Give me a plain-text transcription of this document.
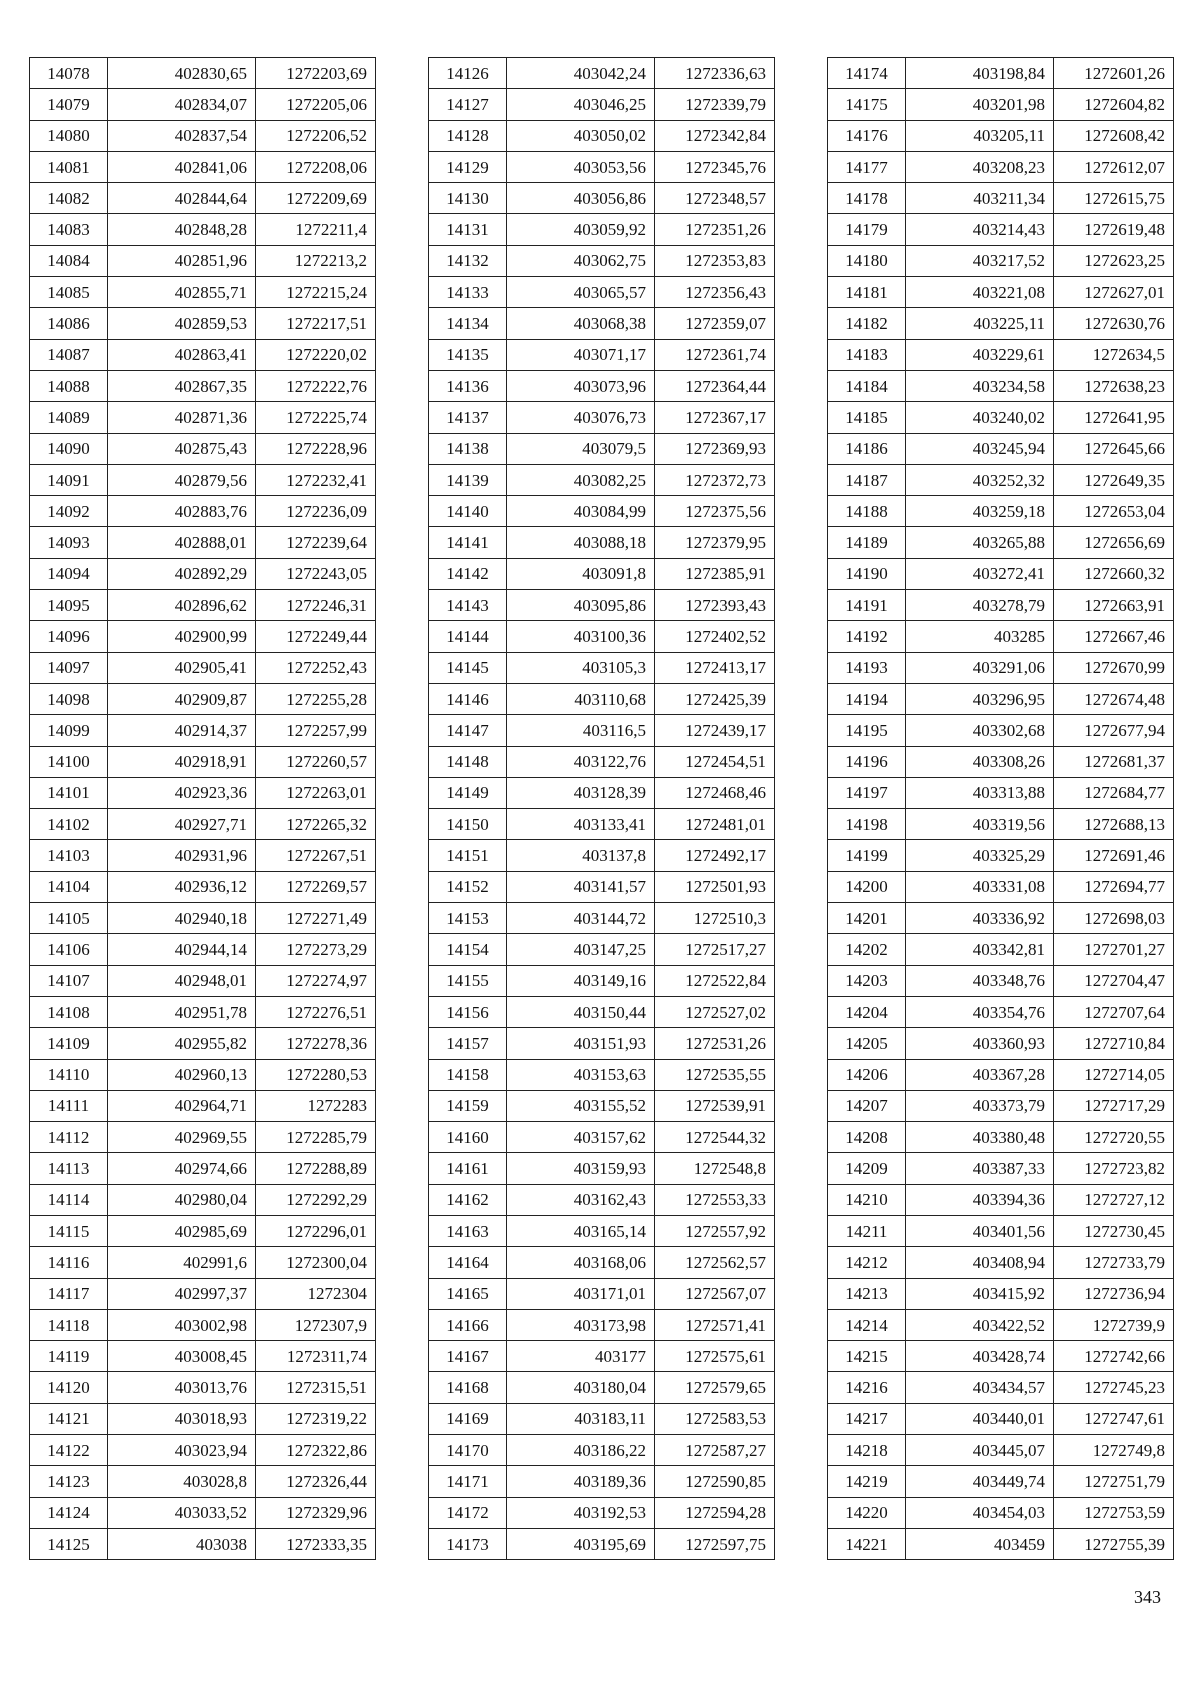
14078	402830,65	1272203,69
14079	402834,07	1272205,06
14080	402837,54	1272206,52
14081	402841,06	1272208,06
14082	402844,64	1272209,69
14083	402848,28	1272211,4
14084	402851,96	1272213,2
14085	402855,71	1272215,24
14086	402859,53	1272217,51
14087	402863,41	1272220,02
14088	402867,35	1272222,76
14089	402871,36	1272225,74
14090	402875,43	1272228,96
14091	402879,56	1272232,41
14092	402883,76	1272236,09
14093	402888,01	1272239,64
14094	402892,29	1272243,05
14095	402896,62	1272246,31
14096	402900,99	1272249,44
14097	402905,41	1272252,43
14098	402909,87	1272255,28
14099	402914,37	1272257,99
14100	402918,91	1272260,57
14101	402923,36	1272263,01
14102	402927,71	1272265,32
14103	402931,96	1272267,51
14104	402936,12	1272269,57
14105	402940,18	1272271,49
14106	402944,14	1272273,29
14107	402948,01	1272274,97
14108	402951,78	1272276,51
14109	402955,82	1272278,36
14110	402960,13	1272280,53
14111	402964,71	1272283
14112	402969,55	1272285,79
14113	402974,66	1272288,89
14114	402980,04	1272292,29
14115	402985,69	1272296,01
14116	402991,6	1272300,04
14117	402997,37	1272304
14118	403002,98	1272307,9
14119	403008,45	1272311,74
14120	403013,76	1272315,51
14121	403018,93	1272319,22
14122	403023,94	1272322,86
14123	403028,8	1272326,44
14124	403033,52	1272329,96
14125	403038	1272333,35
14126	403042,24	1272336,63
14127	403046,25	1272339,79
14128	403050,02	1272342,84
14129	403053,56	1272345,76
14130	403056,86	1272348,57
14131	403059,92	1272351,26
14132	403062,75	1272353,83
14133	403065,57	1272356,43
14134	403068,38	1272359,07
14135	403071,17	1272361,74
14136	403073,96	1272364,44
14137	403076,73	1272367,17
14138	403079,5	1272369,93
14139	403082,25	1272372,73
14140	403084,99	1272375,56
14141	403088,18	1272379,95
14142	403091,8	1272385,91
14143	403095,86	1272393,43
14144	403100,36	1272402,52
14145	403105,3	1272413,17
14146	403110,68	1272425,39
14147	403116,5	1272439,17
14148	403122,76	1272454,51
14149	403128,39	1272468,46
14150	403133,41	1272481,01
14151	403137,8	1272492,17
14152	403141,57	1272501,93
14153	403144,72	1272510,3
14154	403147,25	1272517,27
14155	403149,16	1272522,84
14156	403150,44	1272527,02
14157	403151,93	1272531,26
14158	403153,63	1272535,55
14159	403155,52	1272539,91
14160	403157,62	1272544,32
14161	403159,93	1272548,8
14162	403162,43	1272553,33
14163	403165,14	1272557,92
14164	403168,06	1272562,57
14165	403171,01	1272567,07
14166	403173,98	1272571,41
14167	403177	1272575,61
14168	403180,04	1272579,65
14169	403183,11	1272583,53
14170	403186,22	1272587,27
14171	403189,36	1272590,85
14172	403192,53	1272594,28
14173	403195,69	1272597,75
14174	403198,84	1272601,26
14175	403201,98	1272604,82
14176	403205,11	1272608,42
14177	403208,23	1272612,07
14178	403211,34	1272615,75
14179	403214,43	1272619,48
14180	403217,52	1272623,25
14181	403221,08	1272627,01
14182	403225,11	1272630,76
14183	403229,61	1272634,5
14184	403234,58	1272638,23
14185	403240,02	1272641,95
14186	403245,94	1272645,66
14187	403252,32	1272649,35
14188	403259,18	1272653,04
14189	403265,88	1272656,69
14190	403272,41	1272660,32
14191	403278,79	1272663,91
14192	403285	1272667,46
14193	403291,06	1272670,99
14194	403296,95	1272674,48
14195	403302,68	1272677,94
14196	403308,26	1272681,37
14197	403313,88	1272684,77
14198	403319,56	1272688,13
14199	403325,29	1272691,46
14200	403331,08	1272694,77
14201	403336,92	1272698,03
14202	403342,81	1272701,27
14203	403348,76	1272704,47
14204	403354,76	1272707,64
14205	403360,93	1272710,84
14206	403367,28	1272714,05
14207	403373,79	1272717,29
14208	403380,48	1272720,55
14209	403387,33	1272723,82
14210	403394,36	1272727,12
14211	403401,56	1272730,45
14212	403408,94	1272733,79
14213	403415,92	1272736,94
14214	403422,52	1272739,9
14215	403428,74	1272742,66
14216	403434,57	1272745,23
14217	403440,01	1272747,61
14218	403445,07	1272749,8
14219	403449,74	1272751,79
14220	403454,03	1272753,59
14221	403459	1272755,39
343
